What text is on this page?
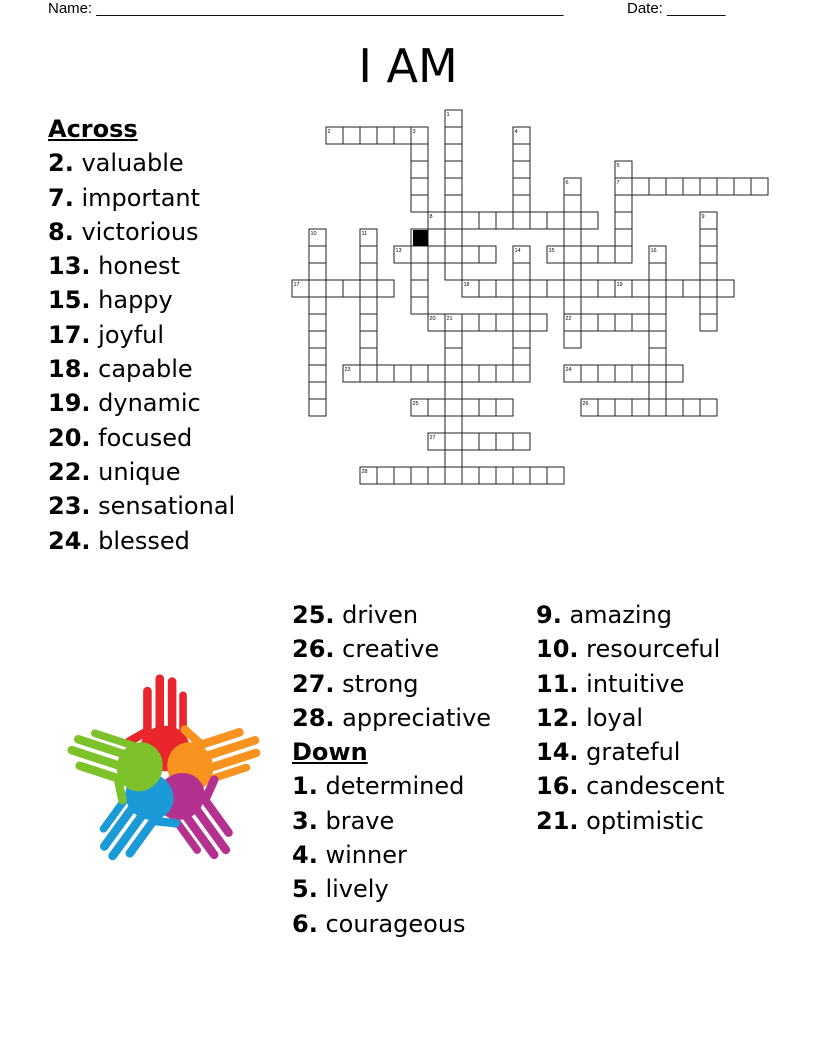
Name: ________________________________________________________	Date: _______
I AM
1
2	3	4
5
6	7
8	9
10	11	12
13	14	15	16
17	18	19
20 21	22
23	24
25	26
27
28
Across
2. valuable
7. important
8. victorious
13. honest
15. happy
17. joyful
18. capable
19. dynamic
20. focused
22. unique
23. sensational
24. blessed
25. driven
26. creative
27. strong
28. appreciative
Down
1. determined
3. brave
4. winner
5. lively
6. courageous
9. amazing
10. resourceful
11. intuitive
12. loyal
14. grateful
16. candescent
21. optimistic
